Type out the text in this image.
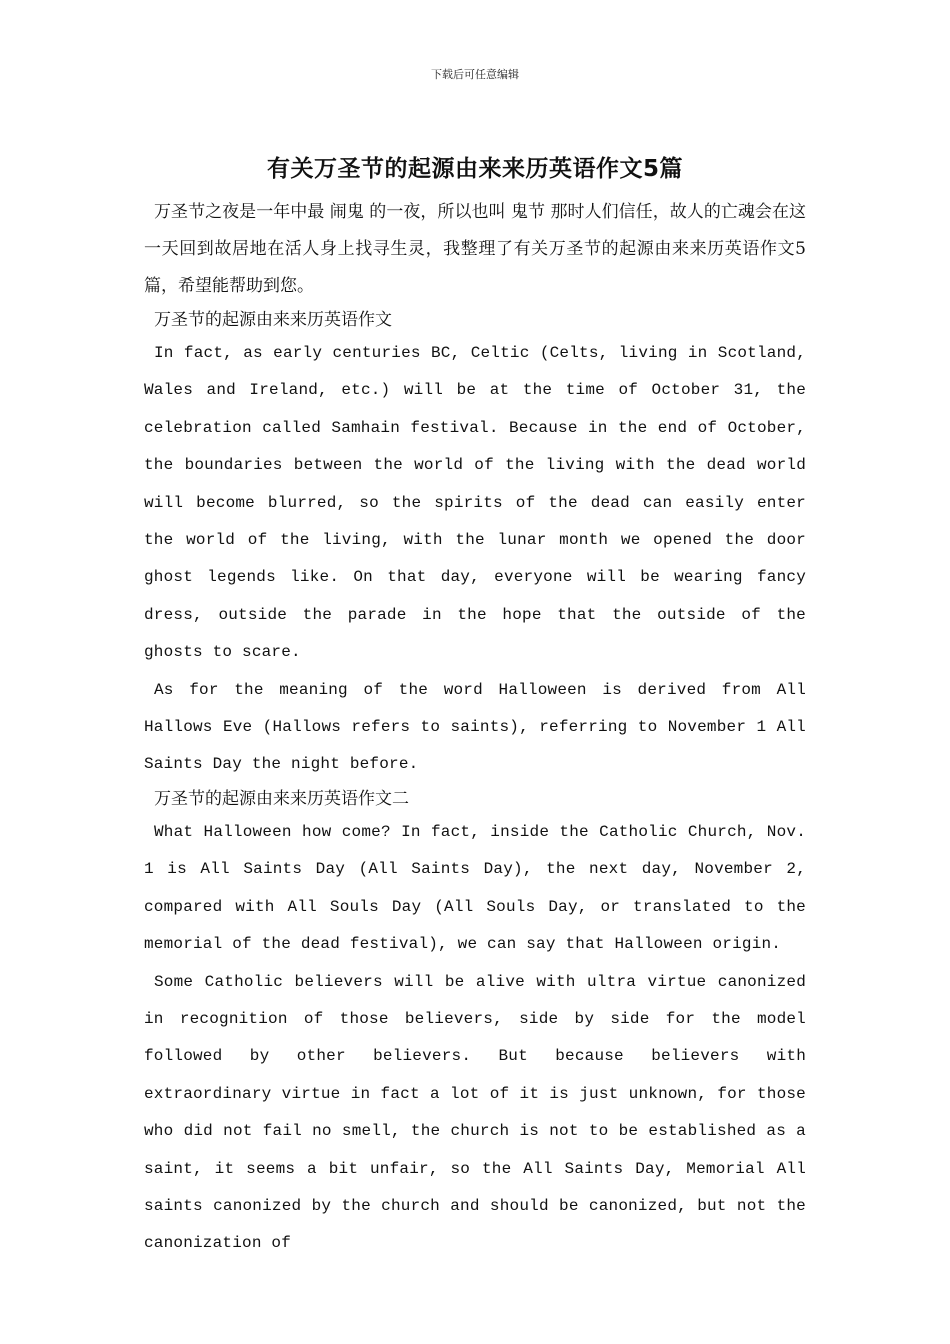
下载后可任意编辑

有关万圣节的起源由来来历英语作文5篇

万圣节之夜是一年中最 闹鬼 的一夜，所以也叫 鬼节 那时人们信任，故人的亡魂会在这一天回到故居地在活人身上找寻生灵，我整理了有关万圣节的起源由来来历英语作文5篇，希望能帮助到您。

万圣节的起源由来来历英语作文

In fact, as early centuries BC, Celtic (Celts, living in Scotland, Wales and Ireland, etc.) will be at the time of October 31, the celebration called Samhain festival. Because in the end of October, the boundaries between the world of the living with the dead world will become blurred, so the spirits of the dead can easily enter the world of the living, with the lunar month we opened the door ghost legends like. On that day, everyone will be wearing fancy dress, outside the parade in the hope that the outside of the ghosts to scare.

As for the meaning of the word Halloween is derived from All Hallows Eve (Hallows refers to saints), referring to November 1 All Saints Day the night before.

万圣节的起源由来来历英语作文二

What Halloween how come? In fact, inside the Catholic Church, Nov. 1 is All Saints Day (All Saints Day), the next day, November 2, compared with All Souls Day (All Souls Day, or translated to the memorial of the dead festival), we can say that Halloween origin.

Some Catholic believers will be alive with ultra virtue canonized in recognition of those believers, side by side for the model followed by other believers. But because believers with extraordinary virtue in fact a lot of it is just unknown, for those who did not fail no smell, the church is not to be established as a saint, it seems a bit unfair, so the All Saints Day, Memorial All saints canonized by the church and should be canonized, but not the canonization of
